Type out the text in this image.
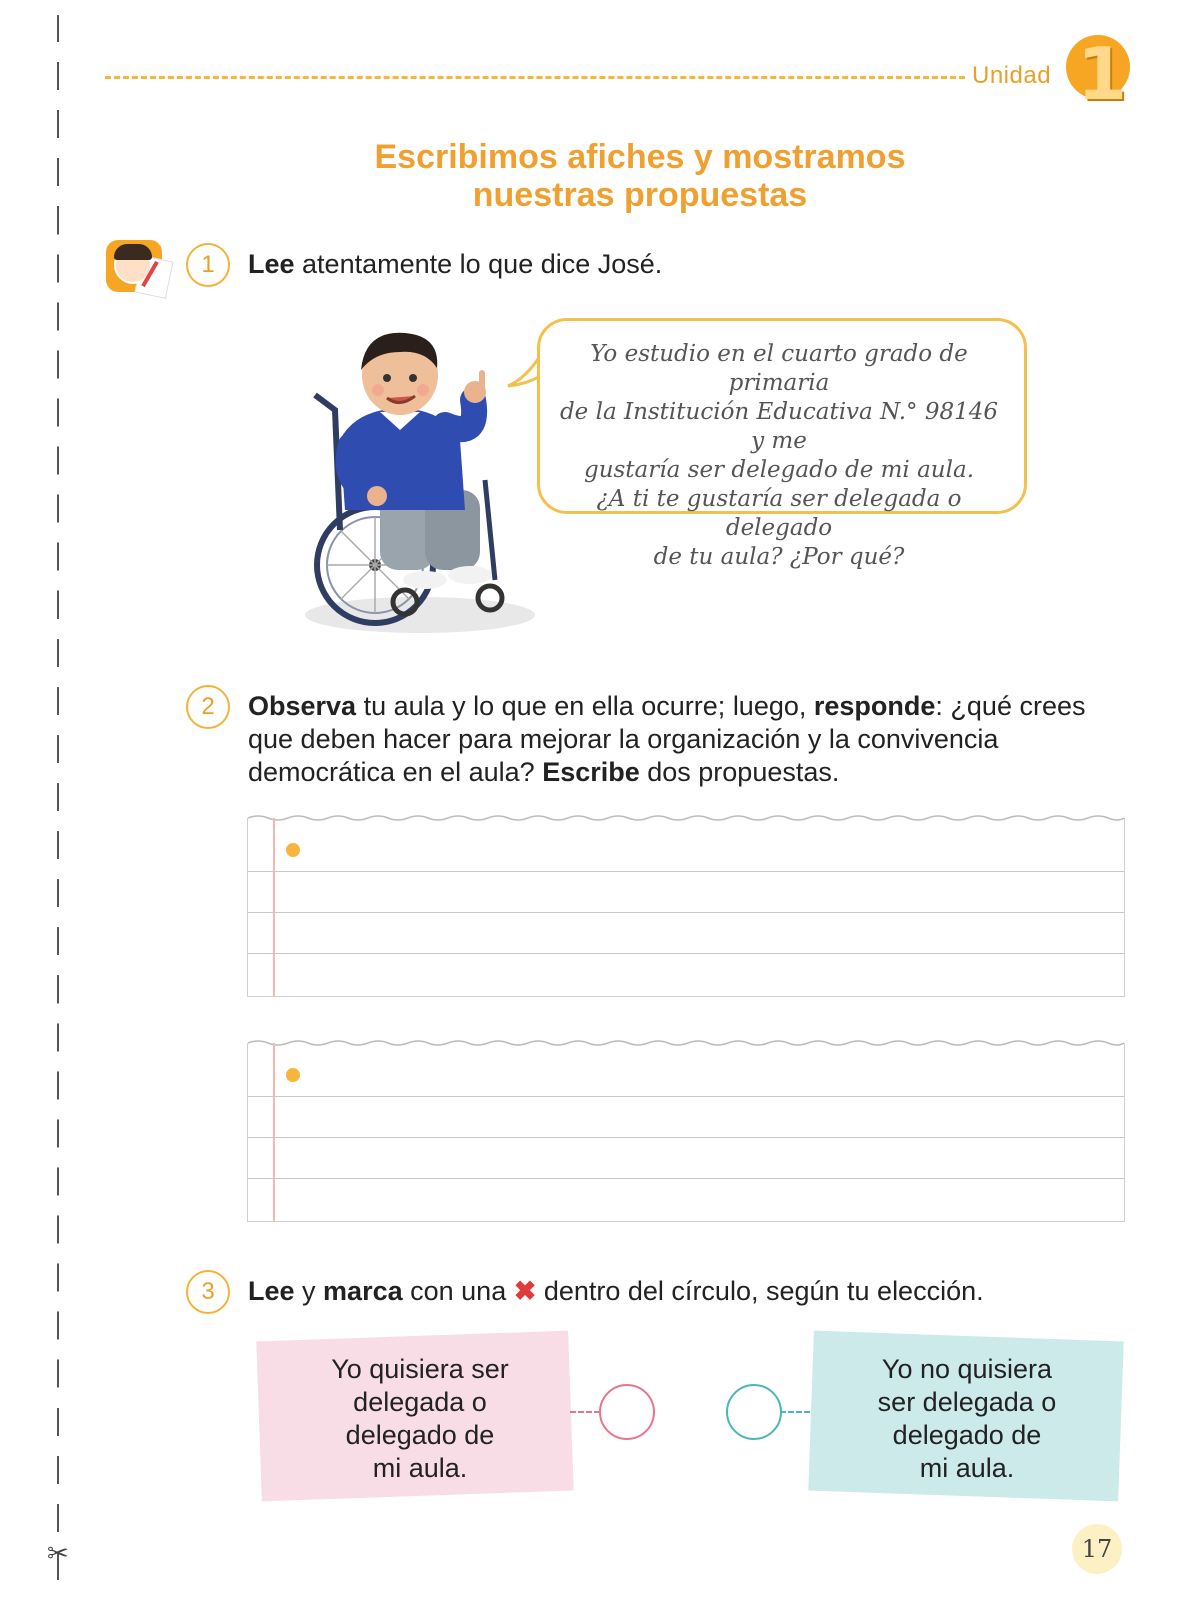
✂
Unidad 1
Escribimos afiches y mostramos
nuestras propuestas
1	Lee atentamente lo que dice José.
Yo estudio en el cuarto grado de primaria
de la Institución Educativa N.° 98146 y me
gustaría ser delegado de mi aula.
¿A ti te gustaría ser delegada o delegado
de tu aula? ¿Por qué?
2	Observa tu aula y lo que en ella ocurre; luego, responde: ¿qué crees que deben hacer para mejorar la organización y la convivencia democrática en el aula? Escribe dos propuestas.
3	Lee y marca con una ✖ dentro del círculo, según tu elección.
Yo quisiera ser
delegada o
delegado de
mi aula.
Yo no quisiera
ser delegada o
delegado de
mi aula.
17
